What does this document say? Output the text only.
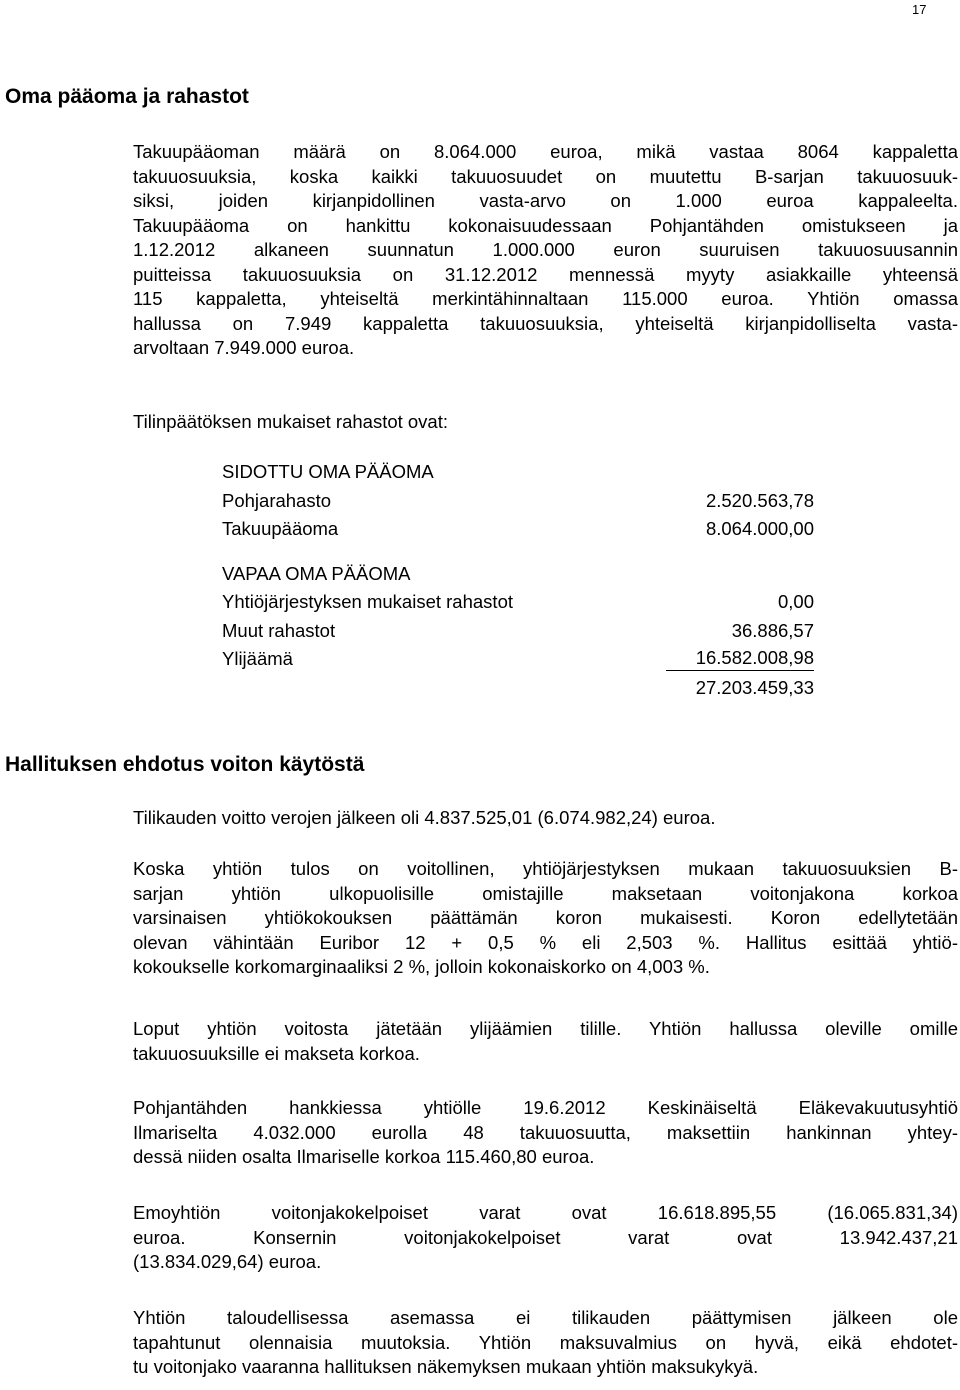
17
Oma pääoma ja rahastot
Takuupääoman määrä on 8.064.000 euroa, mikä vastaa 8064 kappaletta
takuuosuuksia, koska kaikki takuuosuudet on muutettu B-sarjan takuuosuuk-
siksi, joiden kirjanpidollinen vasta-arvo on 1.000 euroa kappaleelta.
Takuupääoma on hankittu kokonaisuudessaan Pohjantähden omistukseen ja
1.12.2012 alkaneen suunnatun 1.000.000 euron suuruisen takuuosuusannin
puitteissa takuuosuuksia on 31.12.2012 mennessä myyty asiakkaille yhteensä
115 kappaletta, yhteiseltä merkintähinnaltaan 115.000 euroa. Yhtiön omassa
hallussa on 7.949 kappaletta takuuosuuksia, yhteiseltä kirjanpidolliselta vasta-
arvoltaan 7.949.000 euroa.
Tilinpäätöksen mukaiset rahastot ovat:
SIDOTTU OMA PÄÄOMA
Pohjarahasto	2.520.563,78
Takuupääoma	8.064.000,00
VAPAA OMA PÄÄOMA
Yhtiöjärjestyksen mukaiset rahastot	0,00
Muut rahastot	36.886,57
Ylijäämä	16.582.008,98
27.203.459,33
Hallituksen ehdotus voiton käytöstä
Tilikauden voitto verojen jälkeen oli 4.837.525,01 (6.074.982,24) euroa.
Koska yhtiön tulos on voitollinen, yhtiöjärjestyksen mukaan takuuosuuksien B-
sarjan yhtiön ulkopuolisille omistajille maksetaan voitonjakona korkoa
varsinaisen yhtiökokouksen päättämän koron mukaisesti. Koron edellytetään
olevan vähintään Euribor 12 + 0,5 % eli 2,503 %. Hallitus esittää yhtiö-
kokoukselle korkomarginaaliksi 2 %, jolloin kokonaiskorko on 4,003 %.
Loput yhtiön voitosta jätetään ylijäämien tilille. Yhtiön hallussa oleville omille
takuuosuuksille ei makseta korkoa.
Pohjantähden hankkiessa yhtiölle 19.6.2012 Keskinäiseltä Eläkevakuutusyhtiö
Ilmariselta 4.032.000 eurolla 48 takuuosuutta, maksettiin hankinnan yhtey-
dessä niiden osalta Ilmariselle korkoa 115.460,80 euroa.
Emoyhtiön voitonjakokelpoiset varat ovat 16.618.895,55 (16.065.831,34)
euroa. Konsernin voitonjakokelpoiset varat ovat 13.942.437,21
(13.834.029,64) euroa.
Yhtiön taloudellisessa asemassa ei tilikauden päättymisen jälkeen ole
tapahtunut olennaisia muutoksia. Yhtiön maksuvalmius on hyvä, eikä ehdotet-
tu voitonjako vaaranna hallituksen näkemyksen mukaan yhtiön maksukykyä.
